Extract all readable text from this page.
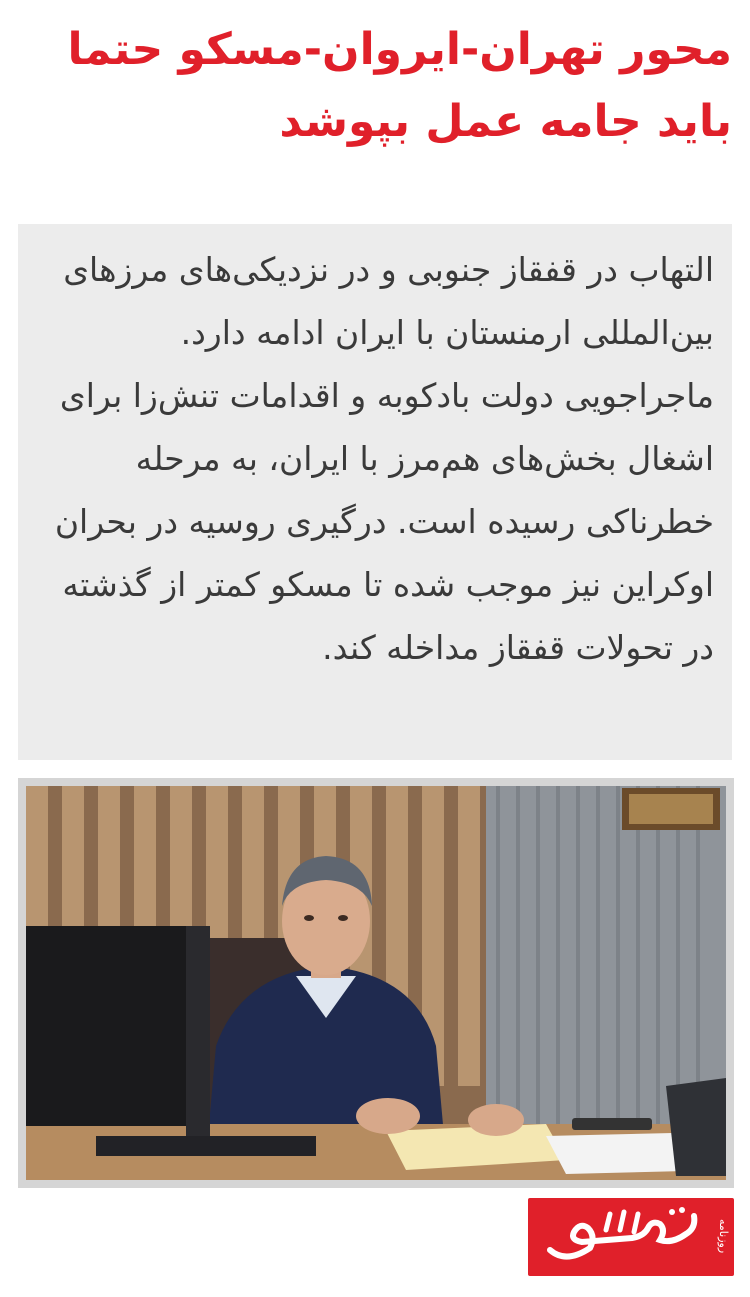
محور تهران-ایروان-مسکو حتما باید جامه عمل بپوشد

التهاب در قفقاز جنوبی و در نزدیکی‌های مرزهای بین‌المللی ارمنستان با ایران ادامه دارد. ماجراجویی دولت بادکوبه و اقدامات تنش‌زا برای اشغال بخش‌های هم‌مرز با ایران، به مرحله خطرناکی رسیده است. درگیری روسیه در بحران اوکراین نیز موجب شده تا مسکو کمتر از گذشته در تحولات قفقاز مداخله کند.

روزنامه
